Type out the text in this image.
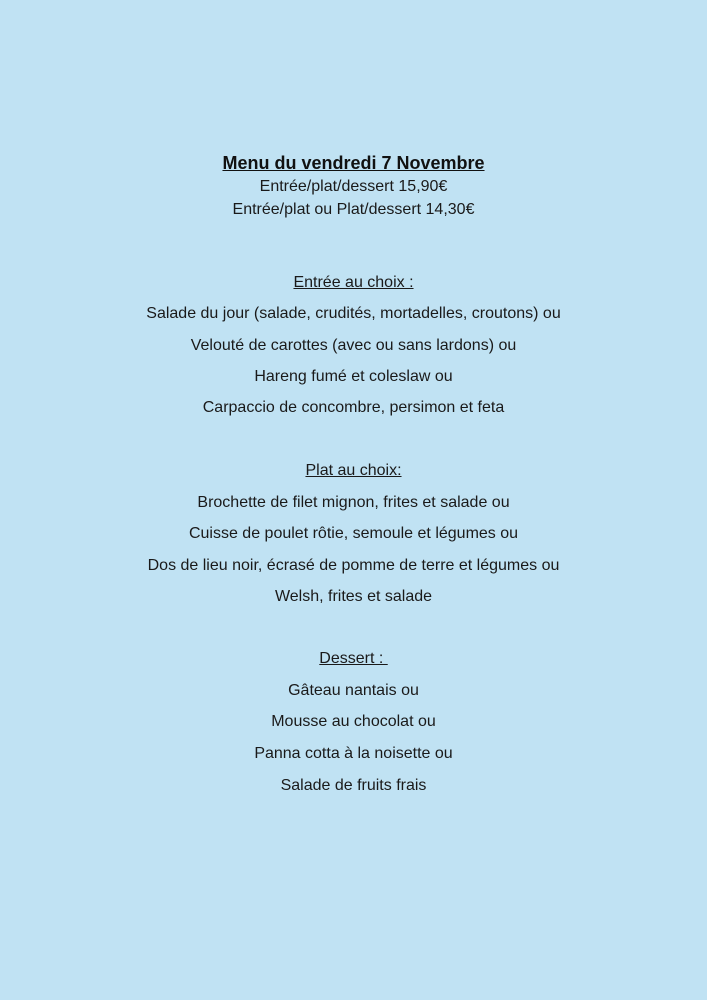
Menu du vendredi 7 Novembre
Entrée/plat/dessert 15,90€
Entrée/plat ou Plat/dessert 14,30€
Entrée au choix :
Salade du jour (salade, crudités, mortadelles, croutons) ou
Velouté de carottes (avec ou sans lardons) ou
Hareng fumé et coleslaw ou
Carpaccio de concombre, persimon et feta
Plat au choix:
Brochette de filet mignon, frites et salade ou
Cuisse de poulet rôtie, semoule et légumes ou
Dos de lieu noir, écrasé de pomme de terre et légumes ou
Welsh, frites et salade
Dessert :
Gâteau nantais ou
Mousse au chocolat ou
Panna cotta à la noisette ou
Salade de fruits frais
